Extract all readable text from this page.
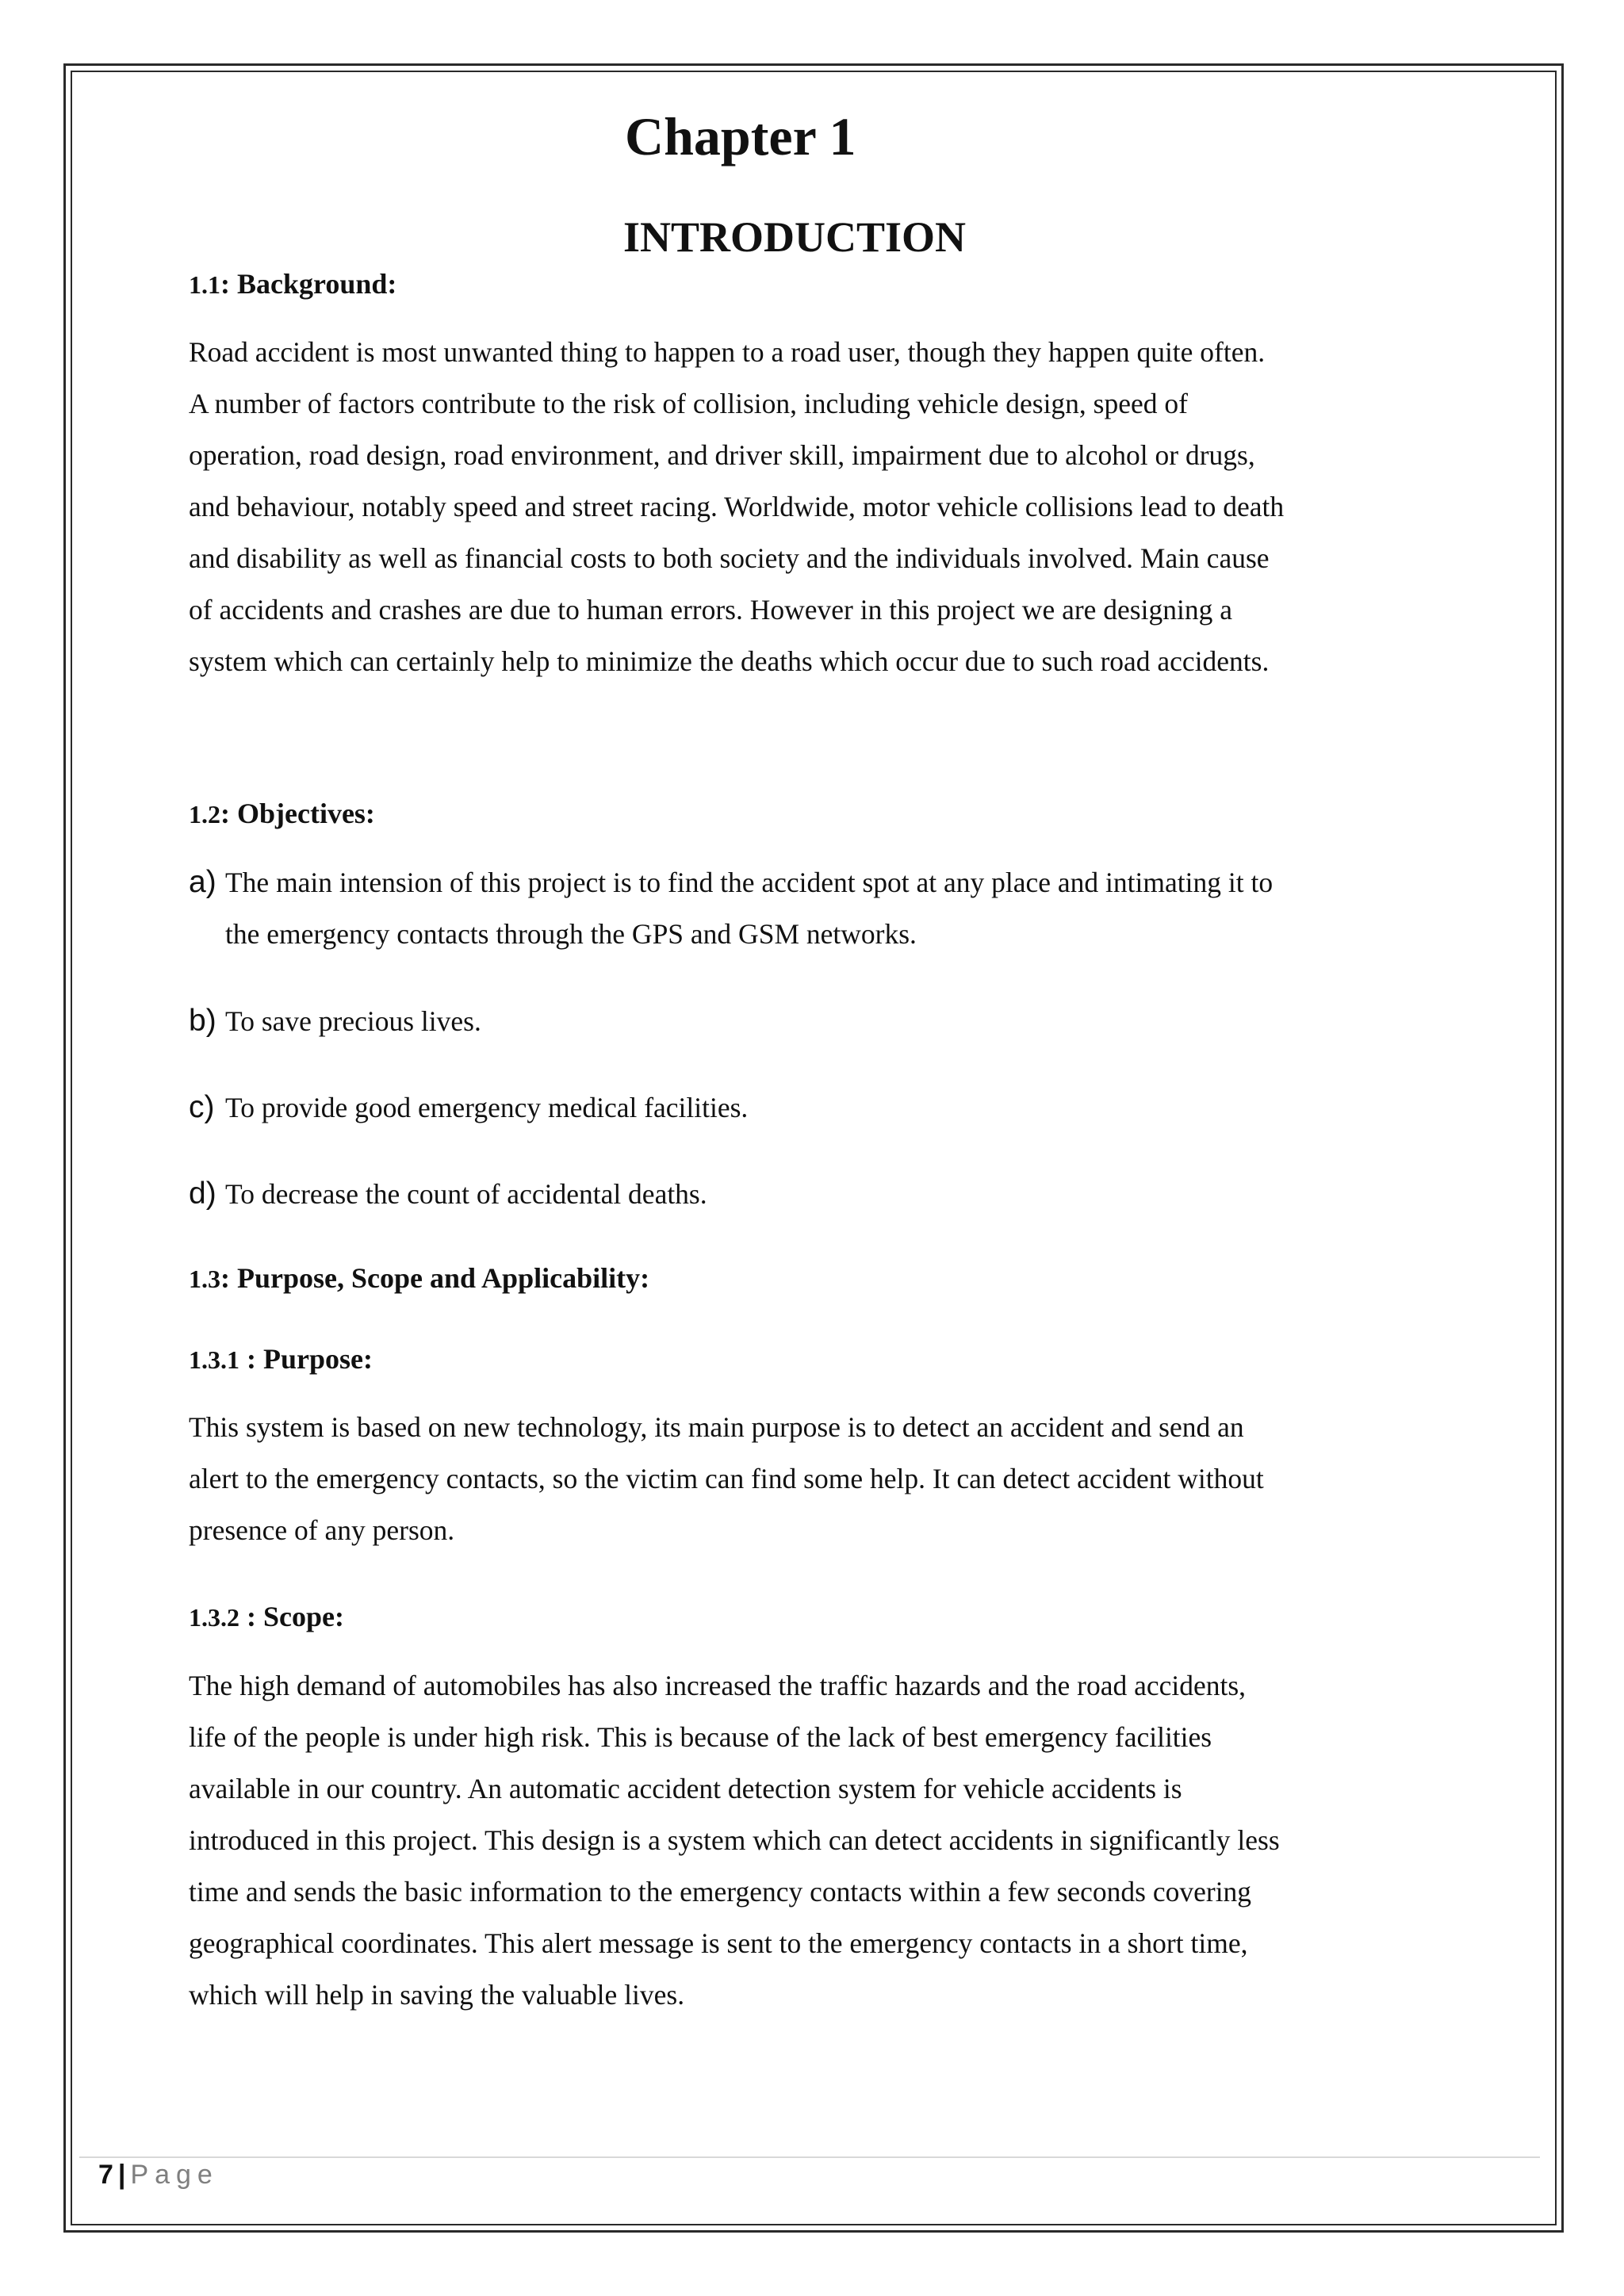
Chapter 1
INTRODUCTION
1.1: Background:
Road accident is most unwanted thing to happen to a road user, though they happen quite often.
A number of factors contribute to the risk of collision, including vehicle design, speed of
operation, road design, road environment, and driver skill, impairment due to alcohol or drugs,
and behaviour, notably speed and street racing. Worldwide, motor vehicle collisions lead to death
and disability as well as financial costs to both society and the individuals involved. Main cause
of accidents and crashes are due to human errors. However in this project we are designing a
system which can certainly help to minimize the deaths which occur due to such road accidents.
1.2: Objectives:
a) The main intension of this project is to find the accident spot at any place and intimating it to
the emergency contacts through the GPS and GSM networks.
b) To save precious lives.
c) To provide good emergency medical facilities.
d) To decrease the count of accidental deaths.
1.3: Purpose, Scope and Applicability:
1.3.1 : Purpose:
This system is based on new technology, its main purpose is to detect an accident and send an
alert to the emergency contacts, so the victim can find some help. It can detect accident without
presence of any person.
1.3.2 : Scope:
The high demand of automobiles has also increased the traffic hazards and the road accidents,
life of the people is under high risk. This is because of the lack of best emergency facilities
available in our country. An automatic accident detection system for vehicle accidents is
introduced in this project. This design is a system which can detect accidents in significantly less
time and sends the basic information to the emergency contacts within a few seconds covering
geographical coordinates. This alert message is sent to the emergency contacts in a short time,
which will help in saving the valuable lives.
7 | Page
